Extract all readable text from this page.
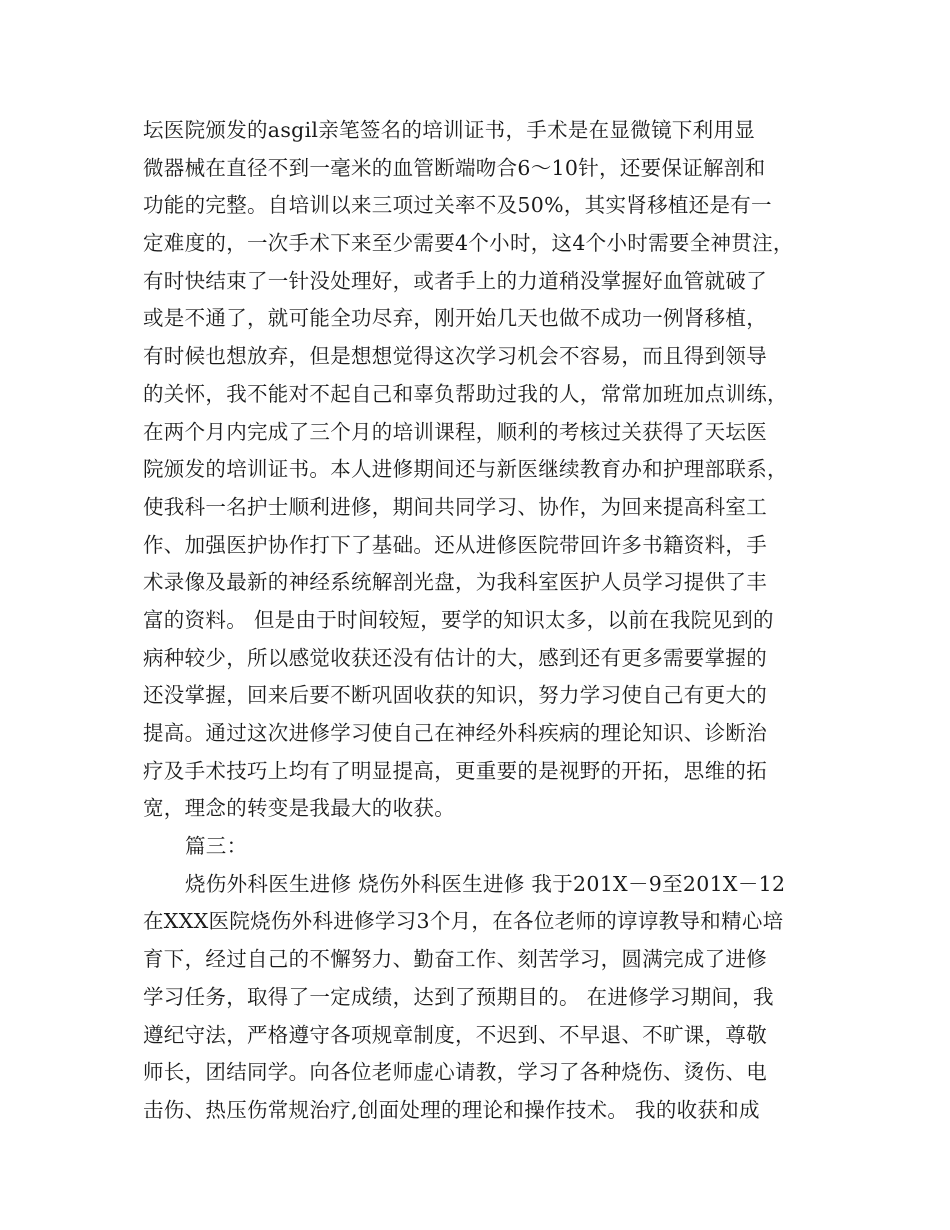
坛医院颁发的asgil亲笔签名的培训证书，手术是在显微镜下利用显
微器械在直径不到一毫米的血管断端吻合6～10针，还要保证解剖和
功能的完整。自培训以来三项过关率不及50%，其实肾移植还是有一
定难度的，一次手术下来至少需要4个小时，这4个小时需要全神贯注，
有时快结束了一针没处理好，或者手上的力道稍没掌握好血管就破了
或是不通了，就可能全功尽弃，刚开始几天也做不成功一例肾移植，
有时候也想放弃，但是想想觉得这次学习机会不容易，而且得到领导
的关怀，我不能对不起自己和辜负帮助过我的人，常常加班加点训练，
在两个月内完成了三个月的培训课程，顺利的考核过关获得了天坛医
院颁发的培训证书。本人进修期间还与新医继续教育办和护理部联系，
使我科一名护士顺利进修，期间共同学习、协作，为回来提高科室工
作、加强医护协作打下了基础。还从进修医院带回许多书籍资料，手
术录像及最新的神经系统解剖光盘，为我科室医护人员学习提供了丰
富的资料。 但是由于时间较短，要学的知识太多，以前在我院见到的
病种较少，所以感觉收获还没有估计的大，感到还有更多需要掌握的
还没掌握，回来后要不断巩固收获的知识，努力学习使自己有更大的
提高。通过这次进修学习使自己在神经外科疾病的理论知识、诊断治
疗及手术技巧上均有了明显提高，更重要的是视野的开拓，思维的拓
宽，理念的转变是我最大的收获。
篇三：
烧伤外科医生进修 烧伤外科医生进修 我于201X－9至201X－12
在XXX医院烧伤外科进修学习3个月，在各位老师的谆谆教导和精心培
育下，经过自己的不懈努力、勤奋工作、刻苦学习，圆满完成了进修
学习任务，取得了一定成绩，达到了预期目的。 在进修学习期间，我
遵纪守法，严格遵守各项规章制度，不迟到、不早退、不旷课，尊敬
师长，团结同学。向各位老师虚心请教，学习了各种烧伤、烫伤、电
击伤、热压伤常规治疗,创面处理的理论和操作技术。 我的收获和成
